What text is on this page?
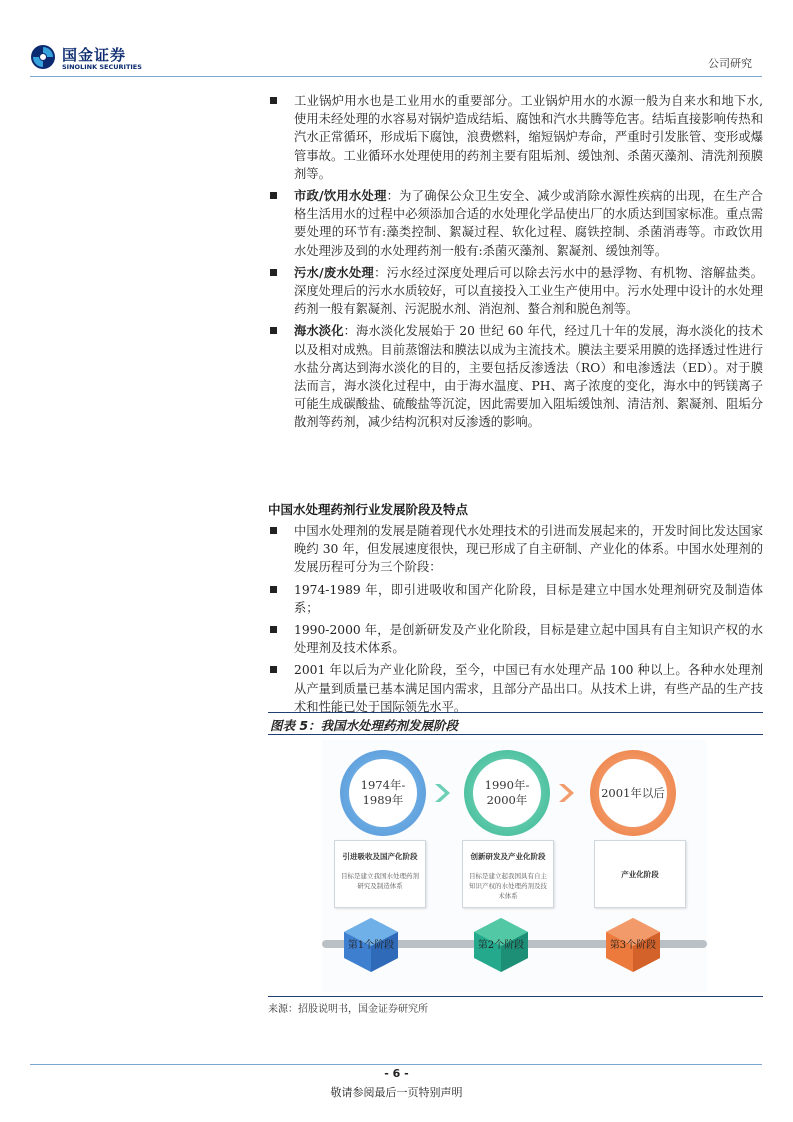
国金证券
SINOLINK SECURITIES	公司研究
工业锅炉用水也是工业用水的重要部分。工业锅炉用水的水源一般为自来水和地下水,使用未经处理的水容易对锅炉造成结垢、腐蚀和汽水共腾等危害。结垢直接影响传热和汽水正常循环，形成垢下腐蚀，浪费燃料，缩短锅炉寿命，严重时引发胀管、变形或爆管事故。工业循环水处理使用的药剂主要有阻垢剂、缓蚀剂、杀菌灭藻剂、清洗剂预膜剂等。
市政/饮用水处理：为了确保公众卫生安全、减少或消除水源性疾病的出现，在生产合格生活用水的过程中必须添加合适的水处理化学品使出厂的水质达到国家标准。重点需要处理的环节有:藻类控制、絮凝过程、软化过程、腐铁控制、杀菌消毒等。市政饮用水处理涉及到的水处理药剂一般有:杀菌灭藻剂、絮凝剂、缓蚀剂等。
污水/废水处理：污水经过深度处理后可以除去污水中的悬浮物、有机物、溶解盐类。深度处理后的污水水质较好，可以直接投入工业生产使用中。污水处理中设计的水处理药剂一般有絮凝剂、污泥脱水剂、消泡剂、螯合剂和脱色剂等。
海水淡化：海水淡化发展始于 20 世纪 60 年代，经过几十年的发展，海水淡化的技术以及相对成熟。目前蒸馏法和膜法以成为主流技术。膜法主要采用膜的选择透过性进行水盐分离达到海水淡化的目的，主要包括反渗透法（RO）和电渗透法（ED）。对于膜法而言，海水淡化过程中，由于海水温度、PH、离子浓度的变化，海水中的钙镁离子可能生成碳酸盐、硫酸盐等沉淀，因此需要加入阻垢缓蚀剂、清洁剂、絮凝剂、阻垢分散剂等药剂，减少结构沉积对反渗透的影响。
中国水处理药剂行业发展阶段及特点
中国水处理剂的发展是随着现代水处理技术的引进而发展起来的，开发时间比发达国家晚约 30 年，但发展速度很快，现已形成了自主研制、产业化的体系。中国水处理剂的发展历程可分为三个阶段：
1974-1989 年，即引进吸收和国产化阶段，目标是建立中国水处理剂研究及制造体系；
1990-2000 年，是创新研发及产业化阶段，目标是建立起中国具有自主知识产权的水处理剂及技术体系。
2001 年以后为产业化阶段，至今，中国已有水处理产品 100 种以上。各种水处理剂从产量到质量已基本满足国内需求，且部分产品出口。从技术上讲，有些产品的生产技术和性能已处于国际领先水平。
图表 5：我国水处理药剂发展阶段
1974年-
1989年
1990年-
2000年
2001年以后
引进吸收及国产化阶段
目标是建立我国水处理药剂研究及制造体系
创新研发及产业化阶段
目标是建立起我国具有自主知识产权的水处理药剂及技术体系
产业化阶段
第1个阶段	第2个阶段	第3个阶段
来源：招股说明书，国金证券研究所
- 6 -
敬请参阅最后一页特别声明
